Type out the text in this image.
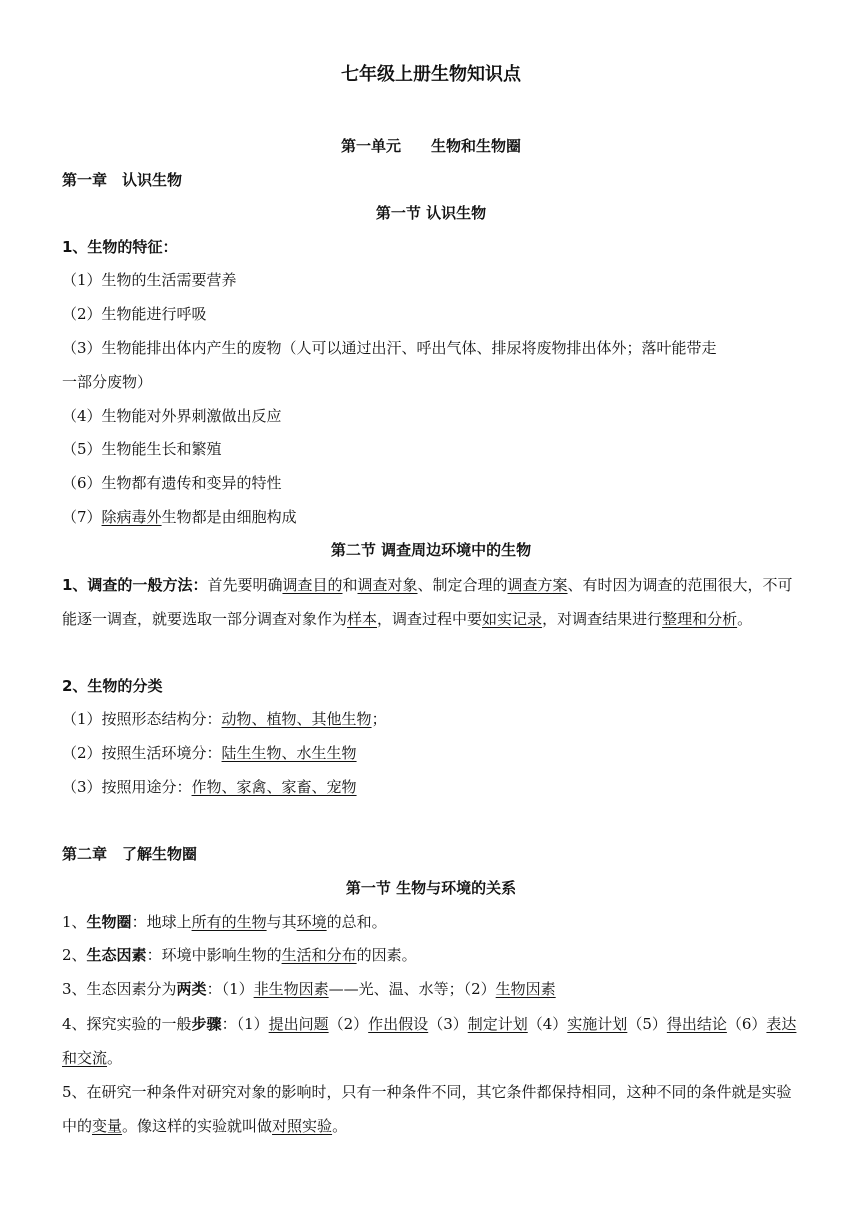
七年级上册生物知识点
第一单元　　生物和生物圈
第一章　认识生物
第一节 认识生物
1、生物的特征：
（1）生物的生活需要营养
（2）生物能进行呼吸
（3）生物能排出体内产生的废物（人可以通过出汗、呼出气体、排尿将废物排出体外；落叶能带走
一部分废物）
（4）生物能对外界刺激做出反应
（5）生物能生长和繁殖
（6）生物都有遗传和变异的特性
（7）除病毒外生物都是由细胞构成
第二节 调查周边环境中的生物
1、调查的一般方法：首先要明确调查目的和调查对象、制定合理的调查方案、有时因为调查的范围很大，不可能逐一调查，就要选取一部分调查对象作为样本，调查过程中要如实记录，对调查结果进行整理和分析。
2、生物的分类
（1）按照形态结构分：动物、植物、其他生物；
（2）按照生活环境分：陆生生物、水生生物
（3）按照用途分：作物、家禽、家畜、宠物
第二章　了解生物圈
第一节 生物与环境的关系
1、生物圈：地球上所有的生物与其环境的总和。
2、生态因素：环境中影响生物的生活和分布的因素。
3、生态因素分为两类：（1）非生物因素——光、温、水等；（2）生物因素
4、探究实验的一般步骤：（1）提出问题（2）作出假设（3）制定计划（4）实施计划（5）得出结论（6）表达和交流。
5、在研究一种条件对研究对象的影响时，只有一种条件不同，其它条件都保持相同，这种不同的条件就是实验中的变量。像这样的实验就叫做对照实验。
